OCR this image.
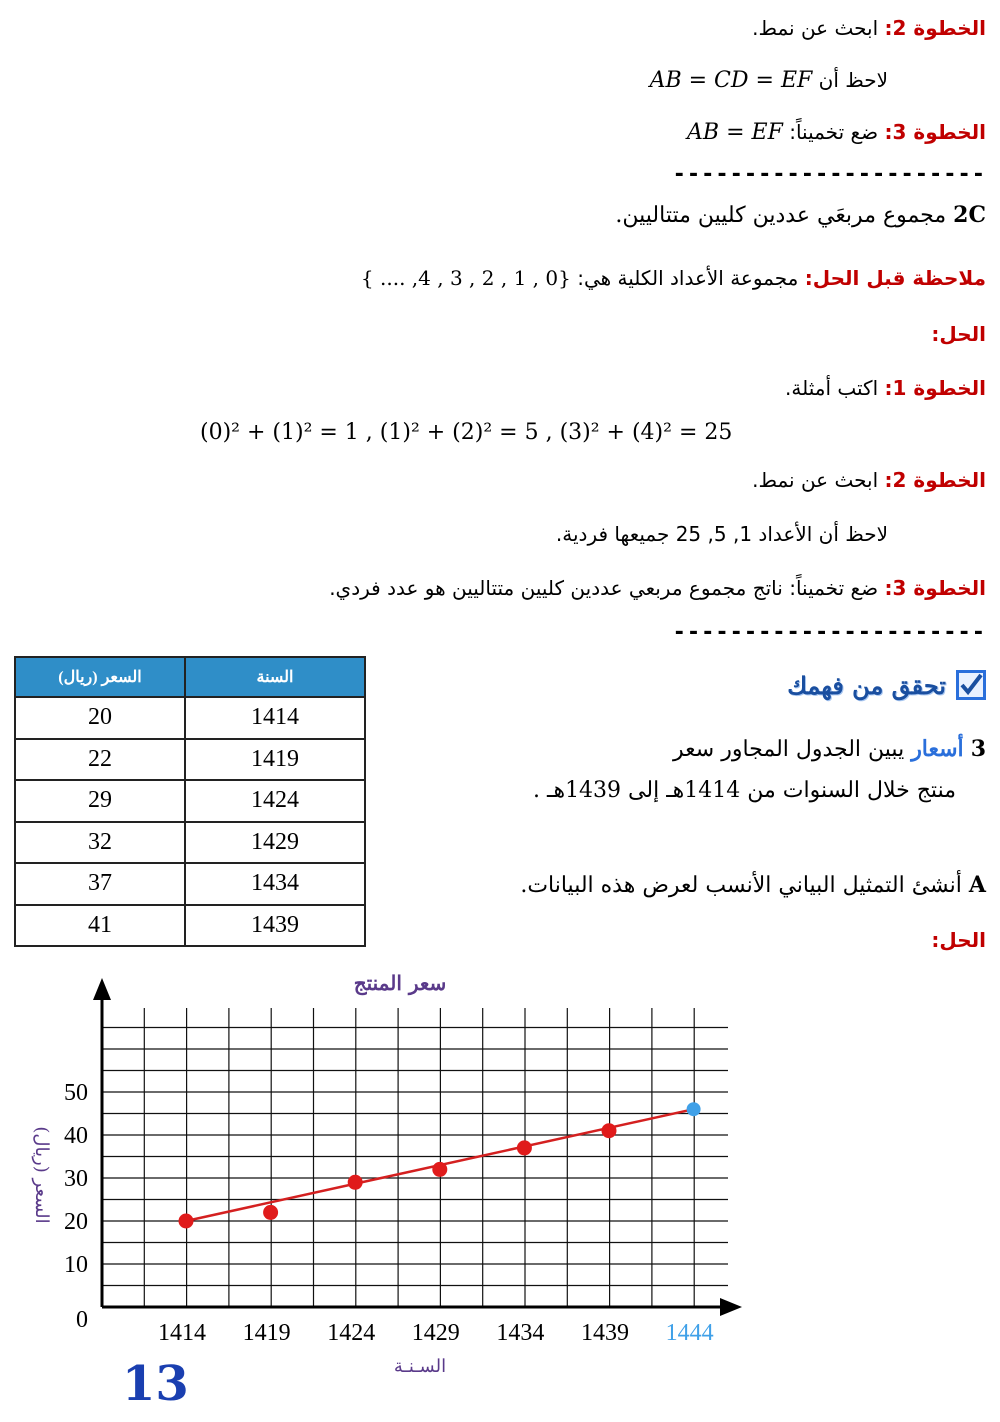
الخطوة 2: ابحث عن نمط.
لاحظ أن AB = CD = EF
الخطوة 3: ضع تخميناً: AB = EF
----------------------
2C مجموع مربعَي عددين كليين متتاليين.
ملاحظة قبل الحل: مجموعة الأعداد الكلية هي: {0 , 1 , 2 , 3 , 4, .... }
الحل:
الخطوة 1: اكتب أمثلة.
(0)² + (1)² = 1 , (1)² + (2)² = 5 , (3)² + (4)² = 25
الخطوة 2: ابحث عن نمط.
لاحظ أن الأعداد 1, 5, 25 جميعها فردية.
الخطوة 3: ضع تخميناً: ناتج مجموع مربعي عددين كليين متتاليين هو عدد فردي.
----------------------
السعر (ريال)	السنة
20	1414
22	1419
29	1424
32	1429
37	1434
41	1439
تحقق من فهمك
3 أسعار يبين الجدول المجاور سعر
منتج خلال السنوات من 1414هـ إلى 1439هـ .
A أنشئ التمثيل البياني الأنسب لعرض هذه البيانات.
الحل:
سعر المنتج
0
10
20
30
40
50
1414 1419 1424 1429 1434 1439 1444
السعر (ريال)
السـنـة
13
